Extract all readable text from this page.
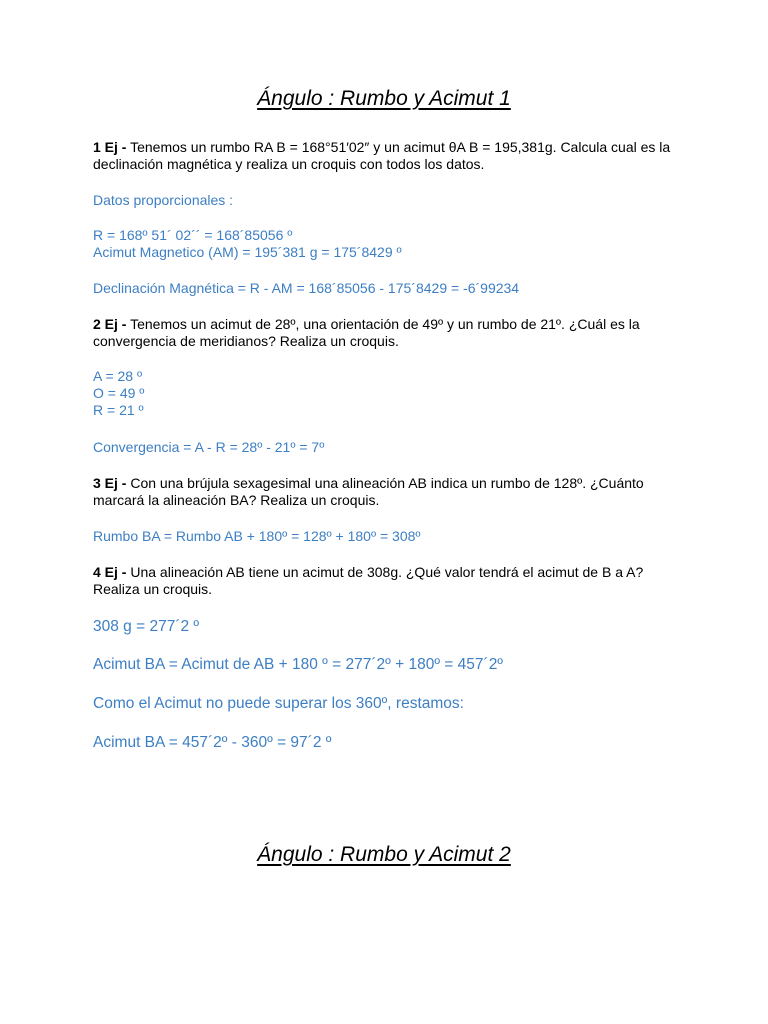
Ángulo : Rumbo y Acimut 1

1 Ej - Tenemos un rumbo RA B = 168°51′02″ y un acimut θA B = 195,381g. Calcula cual es la declinación magnética y realiza un croquis con todos los datos.

Datos proporcionales :

R = 168º 51´ 02´´ = 168´85056 º
Acimut Magnetico (AM) = 195´381 g = 175´8429 º

Declinación Magnética = R - AM = 168´85056 - 175´8429 = -6´99234

2 Ej - Tenemos un acimut de 28º, una orientación de 49º y un rumbo de 21º. ¿Cuál es la convergencia de meridianos? Realiza un croquis.

A = 28 º
O = 49 º
R = 21 º

Convergencia = A - R = 28º - 21º = 7º

3 Ej - Con una brújula sexagesimal una alineación AB indica un rumbo de 128º. ¿Cuánto marcará la alineación BA? Realiza un croquis.

Rumbo BA = Rumbo AB + 180º = 128º + 180º = 308º

4 Ej - Una alineación AB tiene un acimut de 308g. ¿Qué valor tendrá el acimut de B a A? Realiza un croquis.

308 g = 277´2 º

Acimut BA = Acimut de AB + 180 º = 277´2º + 180º = 457´2º

Como el Acimut no puede superar los 360º, restamos:

Acimut BA = 457´2º - 360º = 97´2 º

Ángulo : Rumbo y Acimut 2
